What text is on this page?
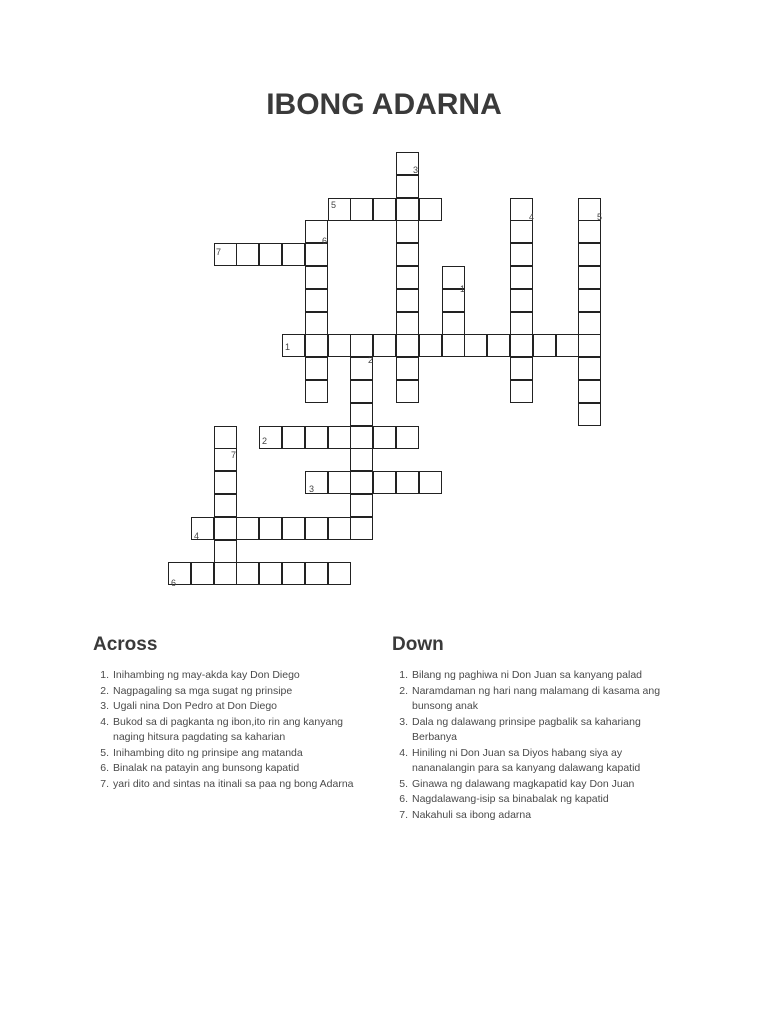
IBONG ADARNA
3
5
4	5
6
7
1
1
2
2
7
3
4
6
Across
1. Inihambing ng may-akda kay Don Diego
2. Nagpagaling sa mga sugat ng prinsipe
3. Ugali nina Don Pedro at Don Diego
4. Bukod sa di pagkanta ng ibon,ito rin ang kanyang naging hitsura pagdating sa kaharian
5. Inihambing dito ng prinsipe ang matanda
6. Binalak na patayin ang bunsong kapatid
7. yari dito and sintas na itinali sa paa ng bong Adarna
Down
1. Bilang ng paghiwa ni Don Juan sa kanyang palad
2. Naramdaman ng hari nang malamang di kasama ang bunsong anak
3. Dala ng dalawang prinsipe pagbalik sa kahariang Berbanya
4. Hiniling ni Don Juan sa Diyos habang siya ay nananalangin para sa kanyang dalawang kapatid
5. Ginawa ng dalawang magkapatid kay Don Juan
6. Nagdalawang-isip sa binabalak ng kapatid
7. Nakahuli sa ibong adarna
